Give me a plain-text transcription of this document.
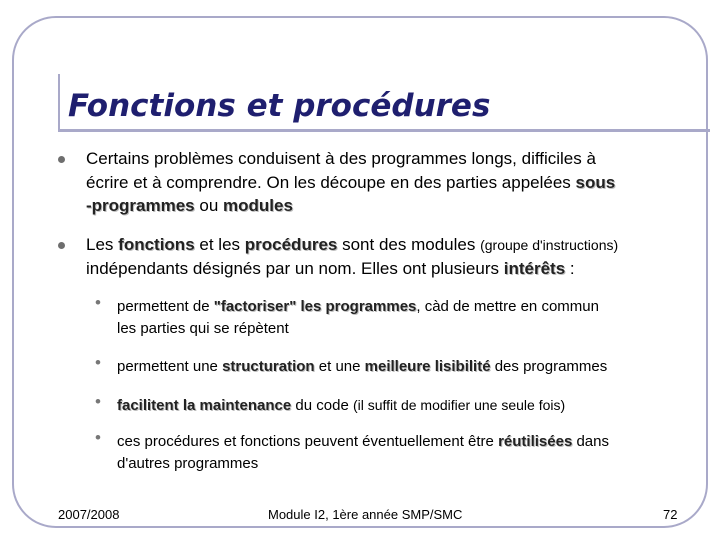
Fonctions et procédures

Certains problèmes conduisent à des programmes longs, difficiles à

écrire et à comprendre. On les découpe en des parties appelées sous

-programmes ou modules

Les fonctions et les procédures sont des modules (groupe d'instructions)

indépendants désignés par un nom. Elles ont plusieurs intérêts :

• permettent de "factoriser" les programmes, càd de mettre en commun

les parties qui se répètent

• permettent une structuration et une meilleure lisibilité des programmes

• facilitent la maintenance du code (il suffit de modifier une seule fois)

• ces procédures et fonctions peuvent éventuellement être réutilisées dans

d'autres programmes

2007/2008	Module I2, 1ère année SMP/SMC	72
